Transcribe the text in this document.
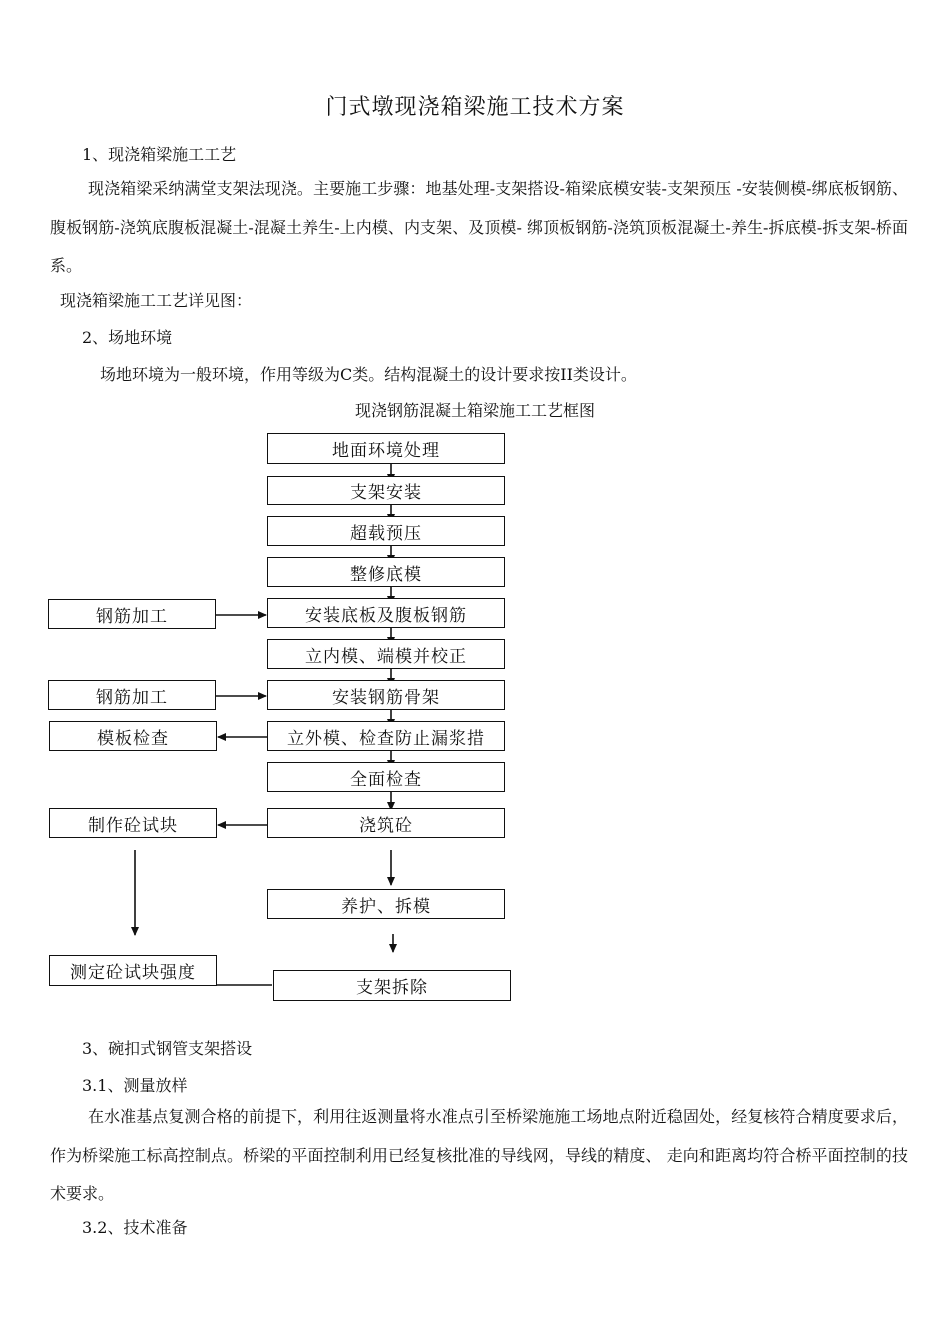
门式墩现浇箱梁施工技术方案
1、现浇箱梁施工工艺

现浇箱梁采纳满堂支架法现浇。主要施工步骤：地基处理-支架搭设-箱梁底模安装-支架预压 -安装侧模-绑底板钢筋、腹板钢筋-浇筑底腹板混凝土-混凝土养生-上内模、内支架、及顶模- 绑顶板钢筋-浇筑顶板混凝土-养生-拆底模-拆支架-桥面系。

现浇箱梁施工工艺详见图：
2、场地环境
场地环境为一般环境，作用等级为C类。结构混凝土的设计要求按II类设计。
现浇钢筋混凝土箱梁施工工艺框图
地面环境处理
支架安装
超载预压
整修底模
安装底板及腹板钢筋
立内模、端模并校正
安装钢筋骨架
立外模、检查防止漏浆措
全面检查
浇筑砼
养护、拆模
支架拆除
钢筋加工
钢筋加工
模板检查
制作砼试块
测定砼试块强度
3、碗扣式钢管支架搭设
3.1、测量放样

在水准基点复测合格的前提下，利用往返测量将水准点引至桥梁施施工场地点附近稳固处，经复核符合精度要求后，作为桥梁施工标高控制点。桥梁的平面控制利用已经复核批准的导线网，导线的精度、 走向和距离均符合桥平面控制的技术要求。

3.2、技术准备
